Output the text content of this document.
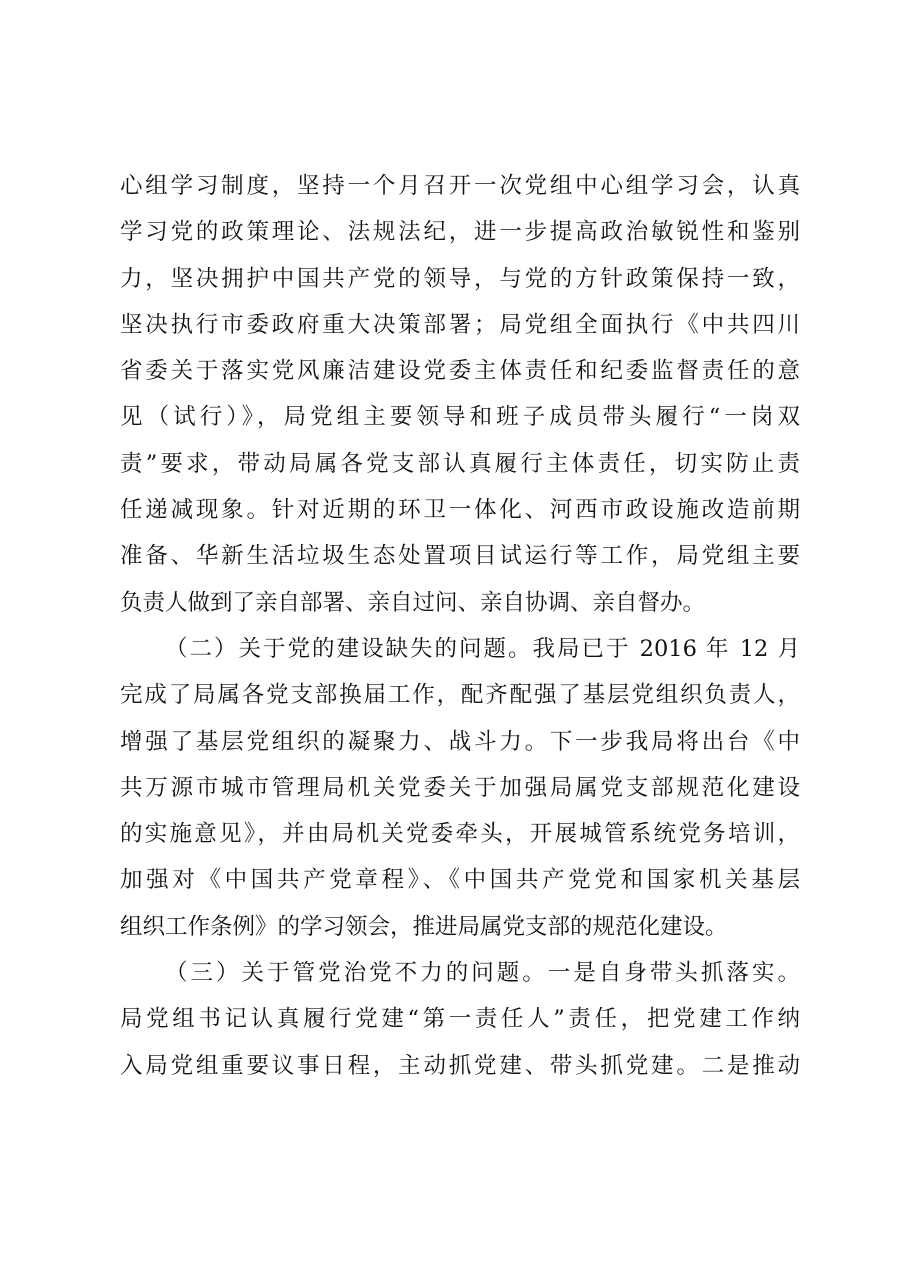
心组学习制度，坚持一个月召开一次党组中心组学习会，认真
学习党的政策理论、法规法纪，进一步提高政治敏锐性和鉴别
力，坚决拥护中国共产党的领导，与党的方针政策保持一致，
坚决执行市委政府重大决策部署；局党组全面执行《中共四川
省委关于落实党风廉洁建设党委主体责任和纪委监督责任的意
见（试行）》，局党组主要领导和班子成员带头履行“一岗双
责”要求，带动局属各党支部认真履行主体责任，切实防止责
任递减现象。针对近期的环卫一体化、河西市政设施改造前期
准备、华新生活垃圾生态处置项目试运行等工作，局党组主要
负责人做到了亲自部署、亲自过问、亲自协调、亲自督办。
（二）关于党的建设缺失的问题。我局已于 2016 年 12 月
完成了局属各党支部换届工作，配齐配强了基层党组织负责人，
增强了基层党组织的凝聚力、战斗力。下一步我局将出台《中
共万源市城市管理局机关党委关于加强局属党支部规范化建设
的实施意见》，并由局机关党委牵头，开展城管系统党务培训，
加强对《中国共产党章程》、《中国共产党党和国家机关基层
组织工作条例》的学习领会，推进局属党支部的规范化建设。
（三）关于管党治党不力的问题。一是自身带头抓落实。
局党组书记认真履行党建“第一责任人”责任，把党建工作纳
入局党组重要议事日程，主动抓党建、带头抓党建。二是推动
